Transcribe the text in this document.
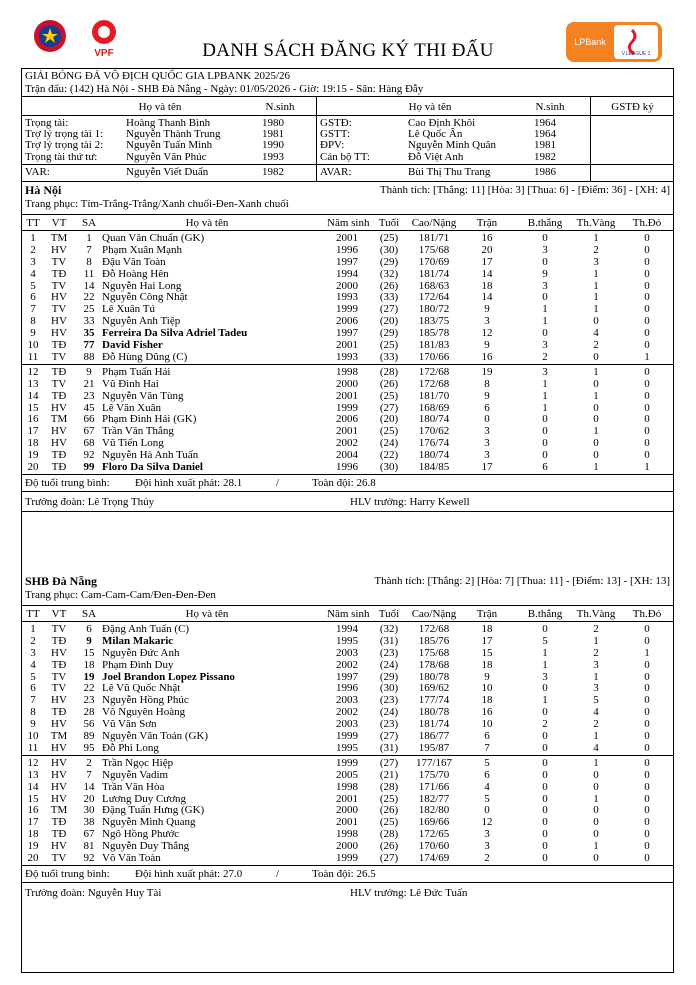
VPF
LPBank
V.LEAGUE 1
DANH SÁCH ĐĂNG KÝ THI ĐẤU
GIẢI BÓNG ĐÁ VÔ ĐỊCH QUỐC GIA LPBANK 2025/26
Trận đấu: (142) Hà Nội - SHB Đà Nẵng - Ngày: 01/05/2026 - Giờ: 19:15 - Sân: Hàng Đẫy
Họ và tên	N.sinh	Họ và tên	N.sinh	GSTĐ ký
Trọng tài:	Hoàng Thanh Bình	1980
Trợ lý trọng tài 1: Nguyễn Thành Trung	1981
Trợ lý trọng tài 2: Nguyễn Tuấn Minh	1990
Trọng tài thứ tư:	Nguyễn Văn Phúc	1993
GSTĐ:	Cao Định Khôi	1964
GSTT:	Lê Quốc Ân	1964
ĐPV:	Nguyễn Minh Quân	1981
Cán bộ TT:	Đỗ Việt Anh	1982
VAR:	Nguyễn Viết Duẩn	1982	AVAR:	Bùi Thị Thu Trang	1986
Hà Nội	Thành tích: [Thắng: 11] [Hòa: 3] [Thua: 6] - [Điểm: 36] - [XH: 4]
Trang phục: Tím-Trắng-Trắng/Xanh chuối-Đen-Xanh chuối
TT	VT	SA	Họ và tên	Năm sinh Tuổi	Cao/Nặng	Trận	B.thắng	Th.Vàng	Th.Đỏ
1	TM	1 Quan Văn Chuẩn (GK)	2001	(25)	181/71	16	0	1	0
2	HV	7 Phạm Xuân Mạnh	1996	(30)	175/68	20	3	2	0
3	TV	8 Đậu Văn Toàn	1997	(29)	170/69	17	0	3	0
4	TĐ	11 Đỗ Hoàng Hên	1994	(32)	181/74	14	9	1	0
5	TV	14 Nguyễn Hai Long	2000	(26)	168/63	18	3	1	0
6	HV	22 Nguyễn Công Nhật	1993	(33)	172/64	14	0	1	0
7	TV	25 Lê Xuân Tú	1999	(27)	180/72	9	1	1	0
8	HV	33 Nguyễn Anh Tiệp	2006	(20)	183/75	3	1	0	0
9	HV	35 Ferreira Da Silva Adriel Tadeu	1997	(29)	185/78	12	0	4	0
10	TĐ	77 David Fisher	2001	(25)	181/83	9	3	2	0
11	TV	88 Đỗ Hùng Dũng (C)	1993	(33)	170/66	16	2	0	1
12	TĐ	9 Phạm Tuấn Hải	1998	(28)	172/68	19	3	1	0
13	TV	21 Vũ Đình Hai	2000	(26)	172/68	8	1	0	0
14	TĐ	23 Nguyễn Văn Tùng	2001	(25)	181/70	9	1	1	0
15	HV	45 Lê Văn Xuân	1999	(27)	168/69	6	1	0	0
16	TM	66 Phạm Đình Hải (GK)	2006	(20)	180/74	0	0	0	0
17	HV	67 Trần Văn Thắng	2001	(25)	170/62	3	0	1	0
18	HV	68 Vũ Tiến Long	2002	(24)	176/74	3	0	0	0
19	TĐ	92 Nguyễn Hà Anh Tuấn	2004	(22)	180/74	3	0	0	0
20	TĐ	99 Floro Da Silva Daniel	1996	(30)	184/85	17	6	1	1
Độ tuổi trung bình: Đội hình xuất phát: 28.1	/	Toàn đội: 26.8
Trưởng đoàn: Lê Trọng Thủy	HLV trưởng: Harry Kewell
SHB Đà Nẵng	Thành tích: [Thắng: 2] [Hòa: 7] [Thua: 11] - [Điểm: 13] - [XH: 13]
Trang phục: Cam-Cam-Cam/Đen-Đen-Đen
TT	VT	SA	Họ và tên	Năm sinh Tuổi	Cao/Nặng	Trận	B.thắng	Th.Vàng	Th.Đỏ
1	TV	6 Đặng Anh Tuấn (C)	1994	(32)	172/68	18	0	2	0
2	TĐ	9 Milan Makaric	1995	(31)	185/76	17	5	1	0
3	HV	15 Nguyễn Đức Anh	2003	(23)	175/68	15	1	2	1
4	TĐ	18 Phạm Đình Duy	2002	(24)	178/68	18	1	3	0
5	TV	19 Joel Brandon Lopez Pissano	1997	(29)	180/78	9	3	1	0
6	TV	22 Lê Vũ Quốc Nhật	1996	(30)	169/62	10	0	3	0
7	HV	23 Nguyễn Hồng Phúc	2003	(23)	177/74	18	1	5	0
8	TĐ	28 Võ Nguyên Hoàng	2002	(24)	180/78	16	0	4	0
9	HV	56 Vũ Văn Sơn	2003	(23)	181/74	10	2	2	0
10	TM	89 Nguyễn Văn Toản (GK)	1999	(27)	186/77	6	0	1	0
11	HV	95 Đỗ Phi Long	1995	(31)	195/87	7	0	4	0
12	HV	2 Trần Ngọc Hiệp	1999	(27)	177/167	5	0	1	0
13	HV	7 Nguyễn Vadim	2005	(21)	175/70	6	0	0	0
14	HV	14 Trần Văn Hòa	1998	(28)	171/66	4	0	0	0
15	HV	20 Lương Duy Cương	2001	(25)	182/77	5	0	1	0
16	TM	30 Đặng Tuấn Hưng (GK)	2000	(26)	182/80	0	0	0	0
17	TĐ	38 Nguyễn Minh Quang	2001	(25)	169/66	12	0	0	0
18	TĐ	67 Ngô Hồng Phước	1998	(28)	172/65	3	0	0	0
19	HV	81 Nguyễn Duy Thắng	2000	(26)	170/60	3	0	1	0
20	TV	92 Võ Văn Toàn	1999	(27)	174/69	2	0	0	0
Độ tuổi trung bình: Đội hình xuất phát: 27.0	/	Toàn đội: 26.5
Trưởng đoàn: Nguyễn Huy Tài	HLV trưởng: Lê Đức Tuấn
